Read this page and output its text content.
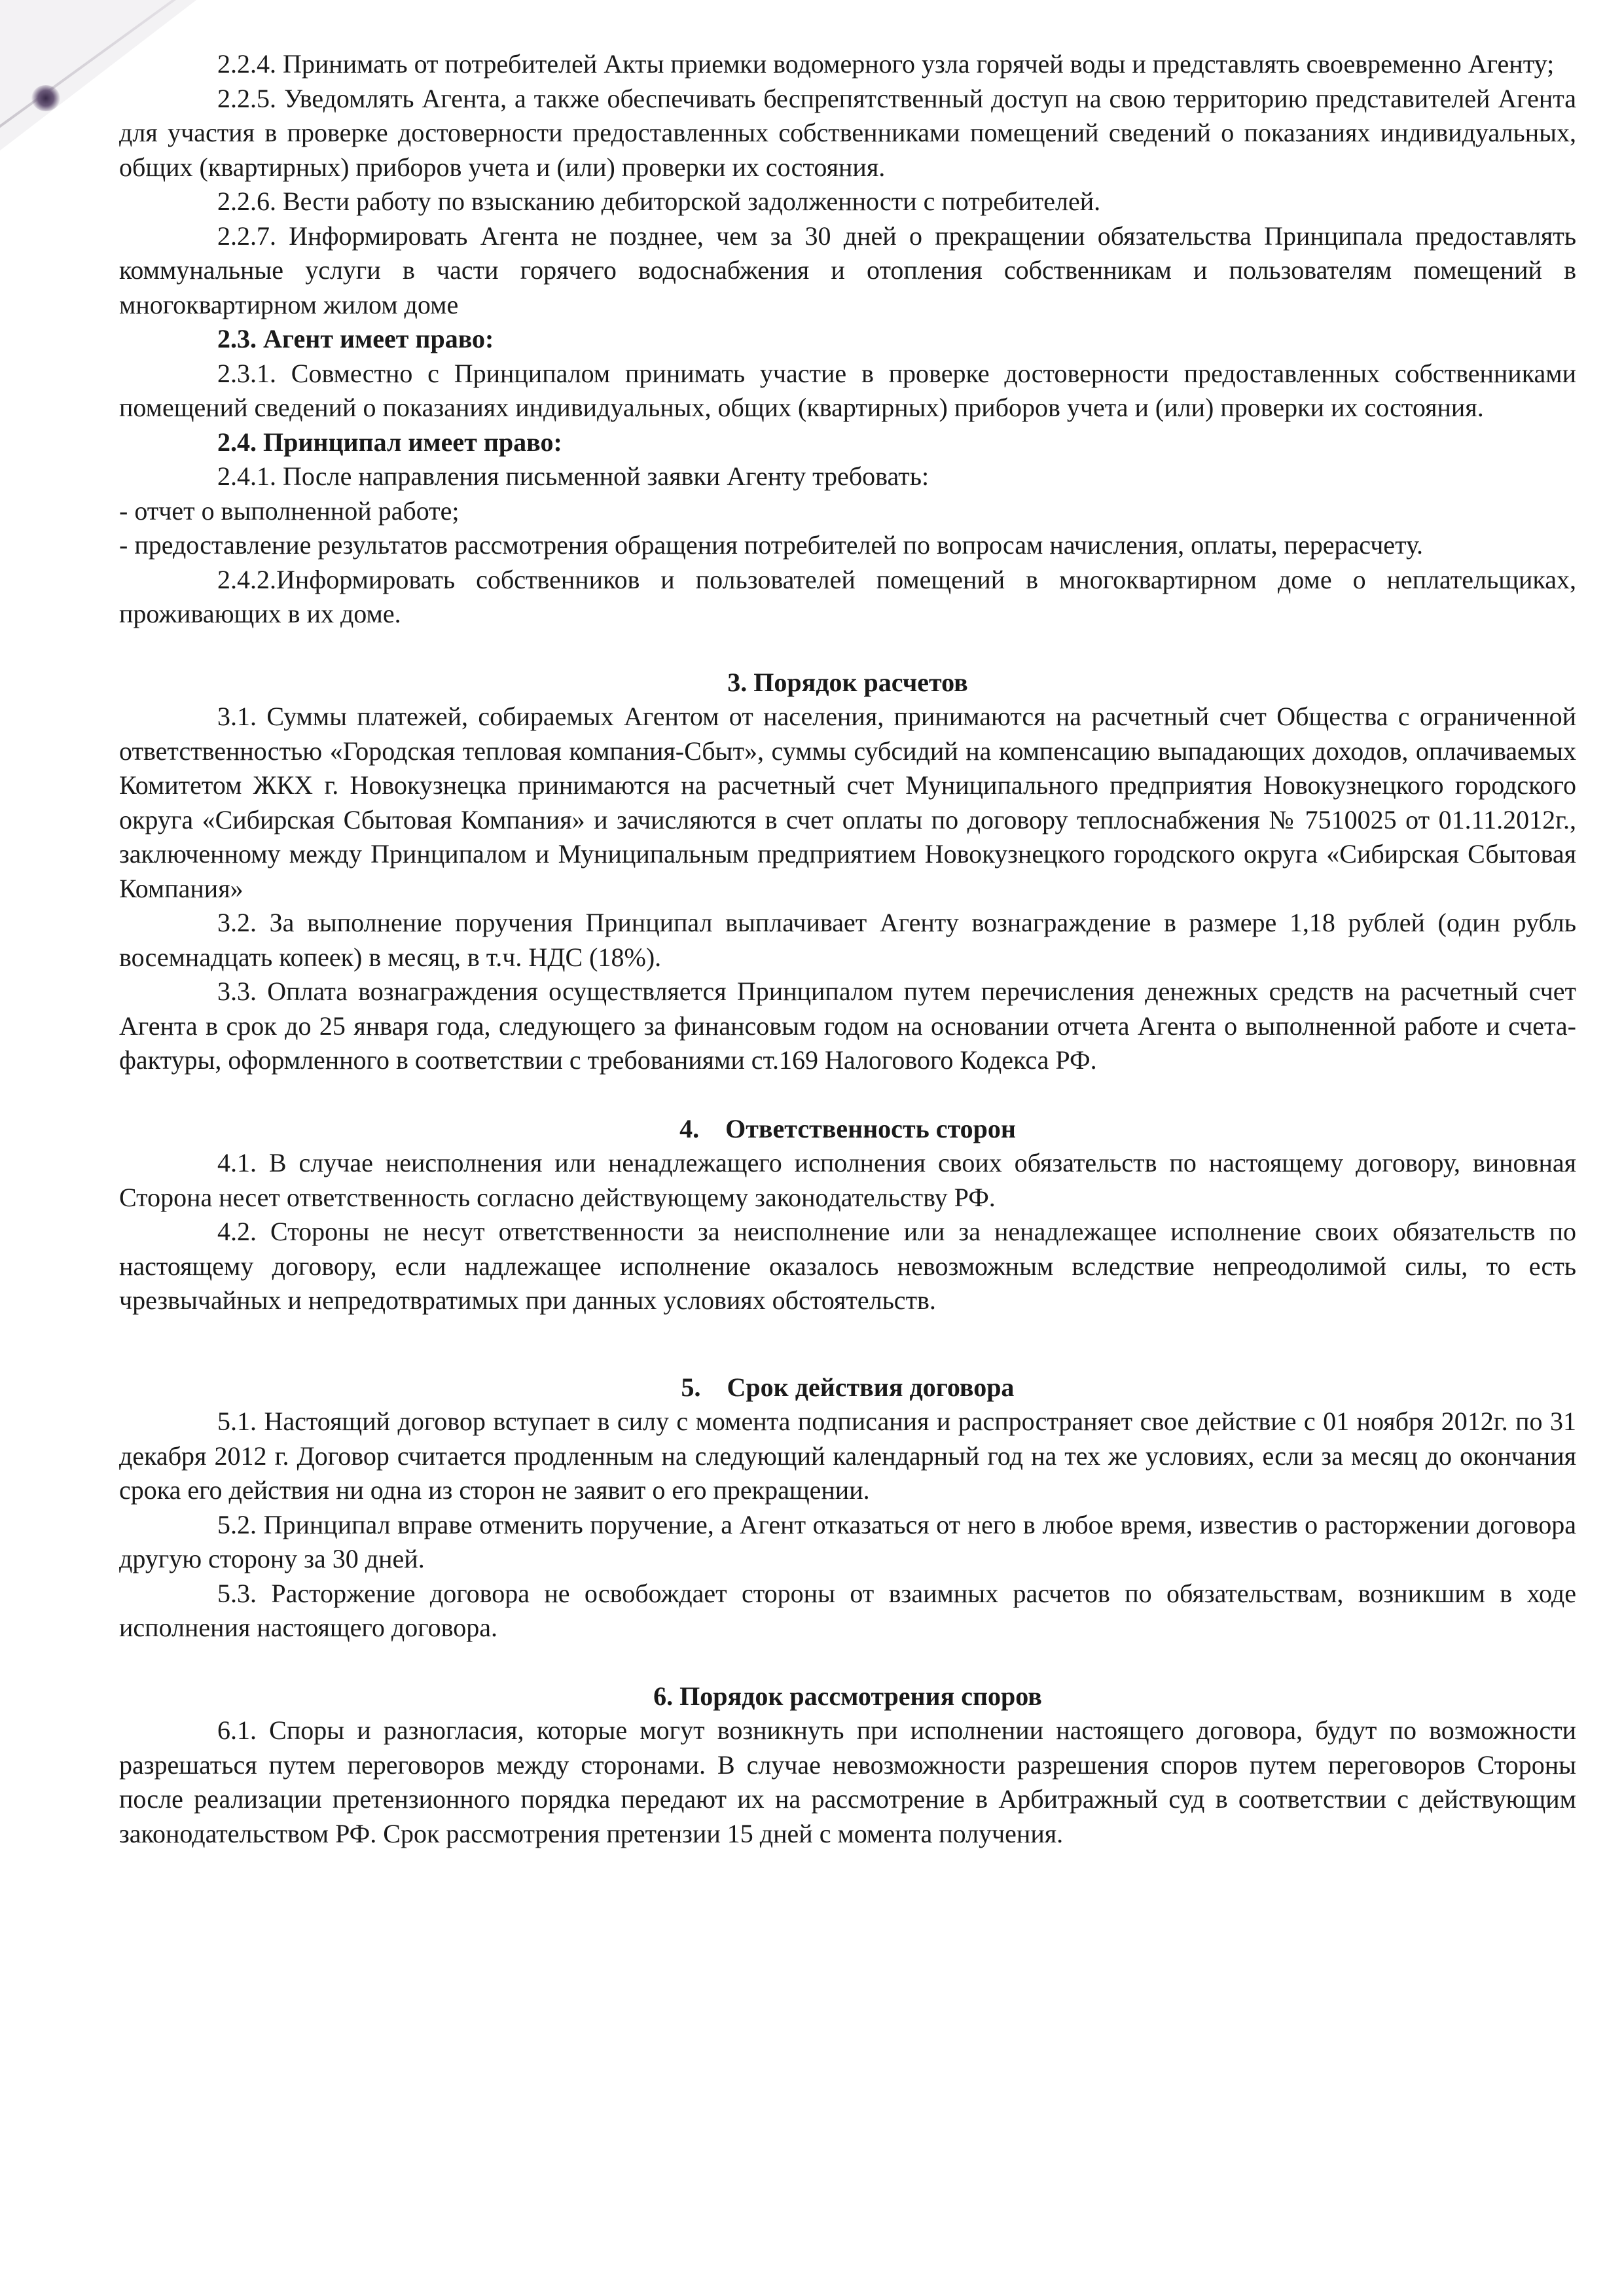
2.2.4. Принимать от потребителей Акты приемки водомерного узла горячей воды и представлять своевременно Агенту;

2.2.5. Уведомлять Агента, а также обеспечивать беспрепятственный доступ на свою территорию представителей Агента для участия в проверке достоверности предоставленных собственниками помещений сведений о показаниях индивидуальных, общих (квартирных) приборов учета и (или) проверки их состояния.

2.2.6. Вести работу по взысканию дебиторской задолженности с потребителей.

2.2.7. Информировать Агента не позднее, чем за 30 дней о прекращении обязательства Принципала предоставлять коммунальные услуги в части горячего водоснабжения и отопления собственникам и пользователям помещений в многоквартирном жилом доме

2.3. Агент имеет право:

2.3.1. Совместно с Принципалом принимать участие в проверке достоверности предоставленных собственниками помещений сведений о показаниях индивидуальных, общих (квартирных) приборов учета и (или) проверки их состояния.

2.4. Принципал имеет право:

2.4.1. После направления письменной заявки Агенту требовать:

- отчет о выполненной работе;

- предоставление результатов рассмотрения обращения потребителей по вопросам начисления, оплаты, перерасчету.

2.4.2.Информировать собственников и пользователей помещений в многоквартирном доме о неплательщиках, проживающих в их доме.

3. Порядок расчетов

3.1. Суммы платежей, собираемых Агентом от населения, принимаются на расчетный счет Общества с ограниченной ответственностью «Городская тепловая компания-Сбыт», суммы субсидий на компенсацию выпадающих доходов, оплачиваемых Комитетом ЖКХ г. Новокузнецка принимаются на расчетный счет Муниципального предприятия Новокузнецкого городского округа «Сибирская Сбытовая Компания» и зачисляются в счет оплаты по договору теплоснабжения № 7510025 от 01.11.2012г., заключенному между Принципалом и Муниципальным предприятием Новокузнецкого городского округа «Сибирская Сбытовая Компания»

3.2. За выполнение поручения Принципал выплачивает Агенту вознаграждение в размере 1,18 рублей (один рубль восемнадцать копеек) в месяц, в т.ч. НДС (18%).

3.3. Оплата вознаграждения осуществляется Принципалом путем перечисления денежных средств на расчетный счет Агента в срок до 25 января года, следующего за финансовым годом на основании отчета Агента о выполненной работе и счета-фактуры, оформленного в соответствии с требованиями ст.169 Налогового Кодекса РФ.

4.    Ответственность сторон

4.1. В случае неисполнения или ненадлежащего исполнения своих обязательств по настоящему договору, виновная Сторона несет ответственность согласно действующему законодательству РФ.

4.2. Стороны не несут ответственности за неисполнение или за ненадлежащее исполнение своих обязательств по настоящему договору, если надлежащее исполнение оказалось невозможным вследствие непреодолимой силы, то есть чрезвычайных и непредотвратимых при данных условиях обстоятельств.

5.    Срок действия договора

5.1. Настоящий договор вступает в силу с момента подписания и распространяет свое действие с 01 ноября 2012г. по 31 декабря 2012 г. Договор считается продленным на следующий календарный год на тех же условиях, если за месяц до окончания срока его действия ни одна из сторон не заявит о его прекращении.

5.2. Принципал вправе отменить поручение, а Агент отказаться от него в любое время, известив о расторжении договора другую сторону за 30 дней.

5.3. Расторжение договора не освобождает стороны от взаимных расчетов по обязательствам, возникшим в ходе исполнения настоящего договора.

6. Порядок рассмотрения споров

6.1. Споры и разногласия, которые могут возникнуть при исполнении настоящего договора, будут по возможности разрешаться путем переговоров между сторонами. В случае невозможности разрешения споров путем переговоров Стороны после реализации претензионного порядка передают их на рассмотрение в Арбитражный суд в соответствии с действующим законодательством РФ. Срок рассмотрения претензии 15 дней с момента получения.
